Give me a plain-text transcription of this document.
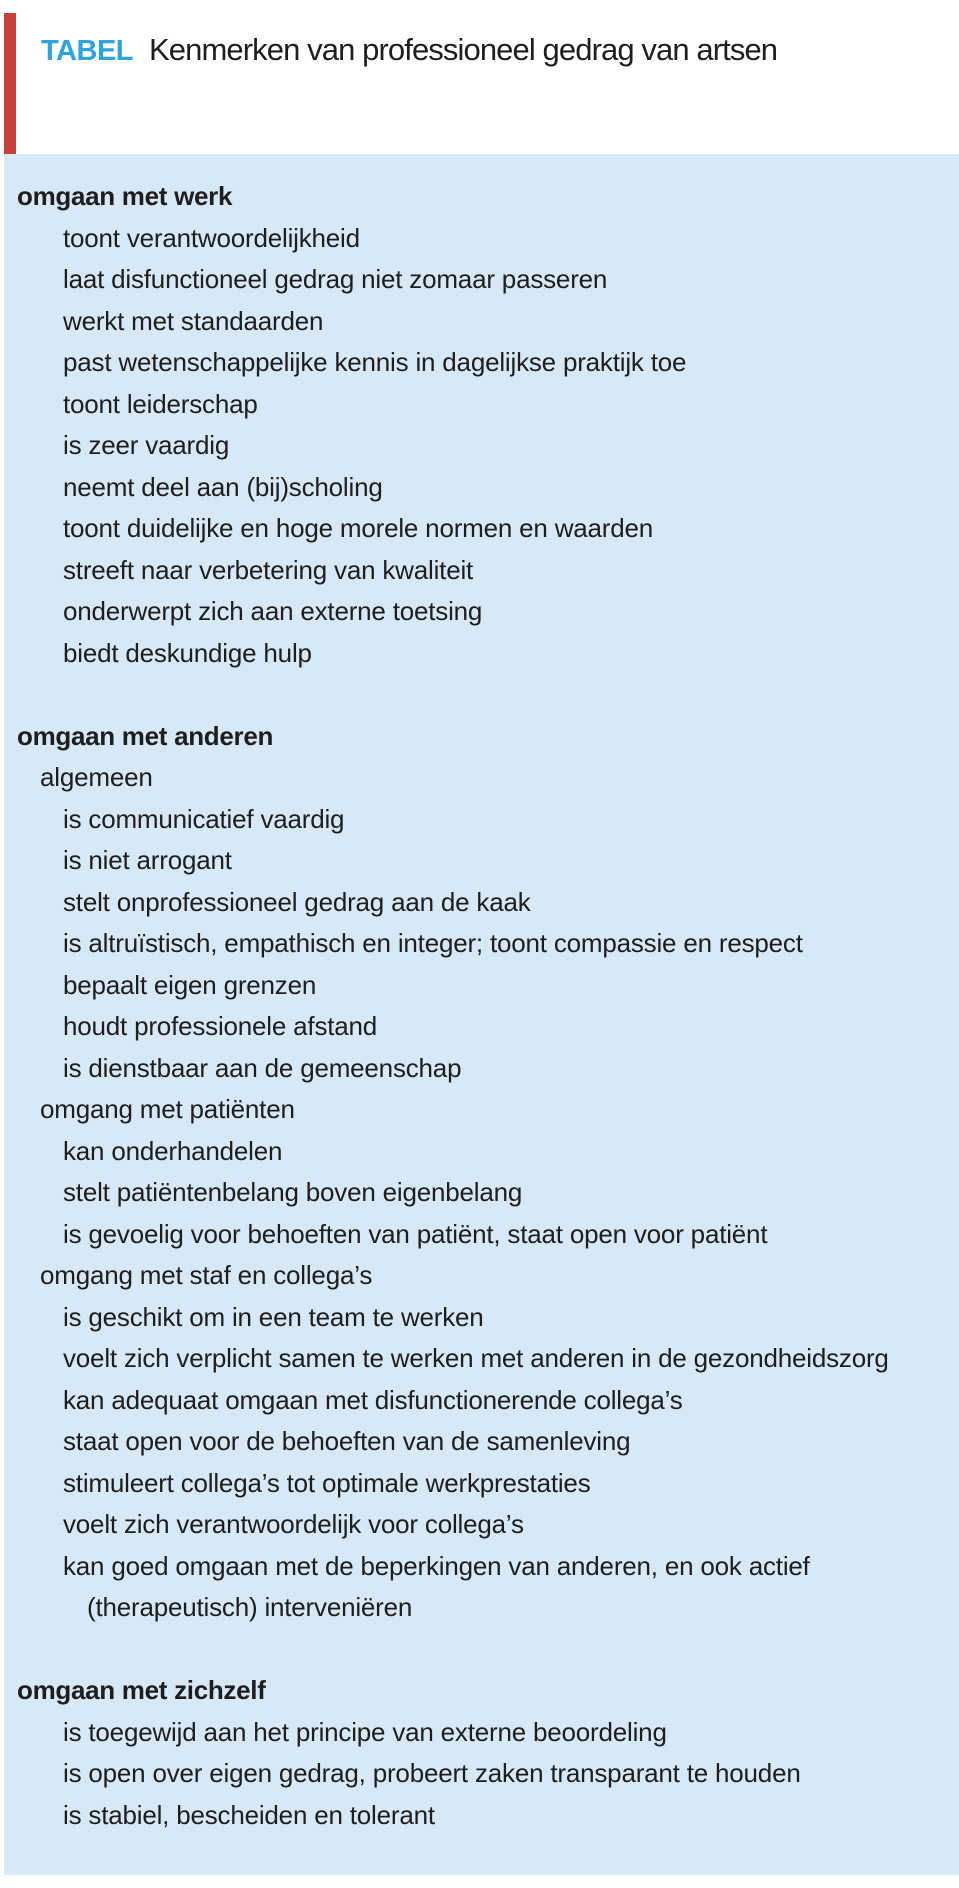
TABEL Kenmerken van professioneel gedrag van artsen
omgaan met werk
toont verantwoordelijkheid
laat disfunctioneel gedrag niet zomaar passeren
werkt met standaarden
past wetenschappelijke kennis in dagelijkse praktijk toe
toont leiderschap
is zeer vaardig
neemt deel aan (bij)scholing
toont duidelijke en hoge morele normen en waarden
streeft naar verbetering van kwaliteit
onderwerpt zich aan externe toetsing
biedt deskundige hulp
omgaan met anderen
algemeen
is communicatief vaardig
is niet arrogant
stelt onprofessioneel gedrag aan de kaak
is altruïstisch, empathisch en integer; toont compassie en respect
bepaalt eigen grenzen
houdt professionele afstand
is dienstbaar aan de gemeenschap
omgang met patiënten
kan onderhandelen
stelt patiëntenbelang boven eigenbelang
is gevoelig voor behoeften van patiënt, staat open voor patiënt
omgang met staf en collega’s
is geschikt om in een team te werken
voelt zich verplicht samen te werken met anderen in de gezondheidszorg
kan adequaat omgaan met disfunctionerende collega’s
staat open voor de behoeften van de samenleving
stimuleert collega’s tot optimale werkprestaties
voelt zich verantwoordelijk voor collega’s
kan goed omgaan met de beperkingen van anderen, en ook actief
(therapeutisch) interveniëren
omgaan met zichzelf
is toegewijd aan het principe van externe beoordeling
is open over eigen gedrag, probeert zaken transparant te houden
is stabiel, bescheiden en tolerant
